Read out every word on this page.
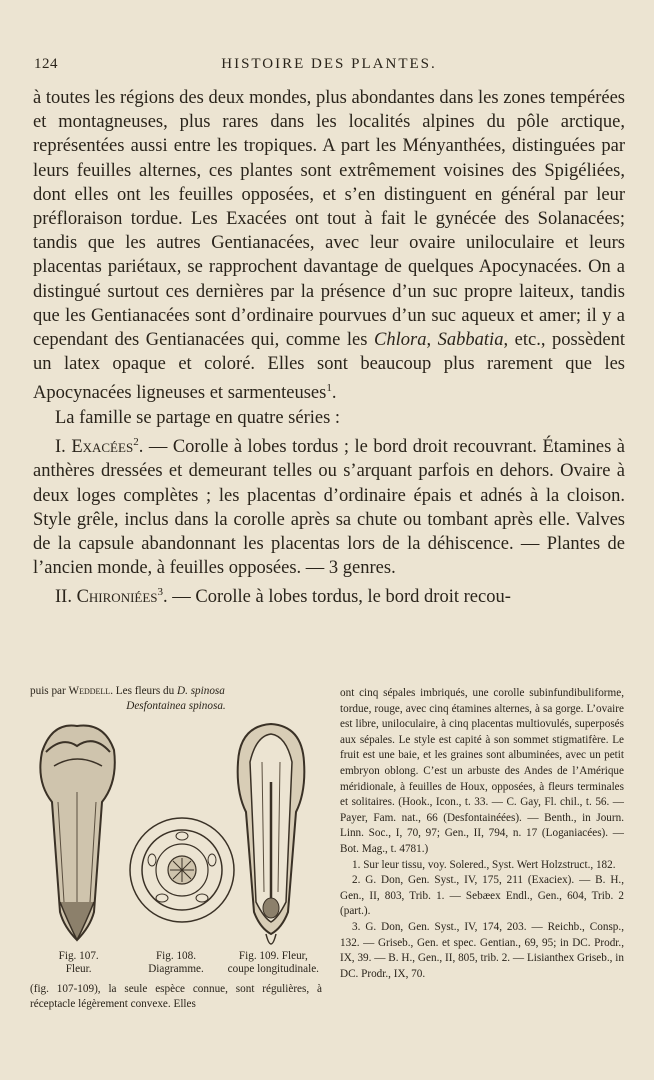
124	HISTOIRE DES PLANTES.

à toutes les régions des deux mondes, plus abondantes dans les zones tempérées et montagneuses, plus rares dans les localités alpines du pôle arctique, représentées aussi entre les tropiques. A part les Ményanthées, distinguées par leurs feuilles alternes, ces plantes sont extrêmement voisines des Spigéliées, dont elles ont les feuilles opposées, et s’en distinguent en général par leur préfloraison tordue. Les Exacées ont tout à fait le gynécée des Solanacées; tandis que les autres Gentianacées, avec leur ovaire uniloculaire et leurs placentas pariétaux, se rapprochent davantage de quelques Apocynacées. On a distingué surtout ces dernières par la présence d’un suc propre laiteux, tandis que les Gentianacées sont d’ordinaire pourvues d’un suc aqueux et amer; il y a cependant des Gentianacées qui, comme les Chlora, Sabbatia, etc., possèdent un latex opaque et coloré. Elles sont beaucoup plus rarement que les Apocynacées ligneuses et sarmenteuses$^1$.

La famille se partage en quatre séries :

I. Exacées$^2$. — Corolle à lobes tordus ; le bord droit recouvrant. Étamines à anthères dressées et demeurant telles ou s’arquant parfois en dehors. Ovaire à deux loges complètes ; les placentas d’ordinaire épais et adnés à la cloison. Style grêle, inclus dans la corolle après sa chute ou tombant après elle. Valves de la capsule abandonnant les placentas lors de la déhiscence. — Plantes de l’ancien monde, à feuilles opposées. — 3 genres.

II. Chironiées$^3$. — Corolle à lobes tordus, le bord droit recou-

puis par Weddell. Les fleurs du D. spinosa
Desfontainea spinosa.
Fig. 107.
Fleur.
Fig. 108.
Diagramme.
Fig. 109. Fleur,
coupe longitudinale.
(fig. 107-109), la seule espèce connue, sont régulières, à réceptacle légèrement convexe. Elles

ont cinq sépales imbriqués, une corolle subinfundibuliforme, tordue, rouge, avec cinq étamines alternes, à sa gorge. L’ovaire est libre, uniloculaire, à cinq placentas multiovulés, superposés aux sépales. Le style est capité à son sommet stigmatifère. Le fruit est une baie, et les graines sont albuminées, avec un petit embryon oblong. C’est un arbuste des Andes de l’Amérique méridionale, à feuilles de Houx, opposées, à fleurs terminales et solitaires. (Hook., Icon., t. 33. — C. Gay, Fl. chil., t. 56. — Payer, Fam. nat., 66 (Desfontainéées). — Benth., in Journ. Linn. Soc., I, 70, 97; Gen., II, 794, n. 17 (Loganiacées). — Bot. Mag., t. 4781.)

1. Sur leur tissu, voy. Solered., Syst. Wert Holzstruct., 182.

2. G. Don, Gen. Syst., IV, 175, 211 (Exaciex). — B. H., Gen., II, 803, Trib. 1. — Sebæex Endl., Gen., 604, Trib. 2 (part.).

3. G. Don, Gen. Syst., IV, 174, 203. — Reichb., Consp., 132. — Griseb., Gen. et spec. Gentian., 69, 95; in DC. Prodr., IX, 39. — B. H., Gen., II, 805, trib. 2. — Lisianthex Griseb., in DC. Prodr., IX, 70.
